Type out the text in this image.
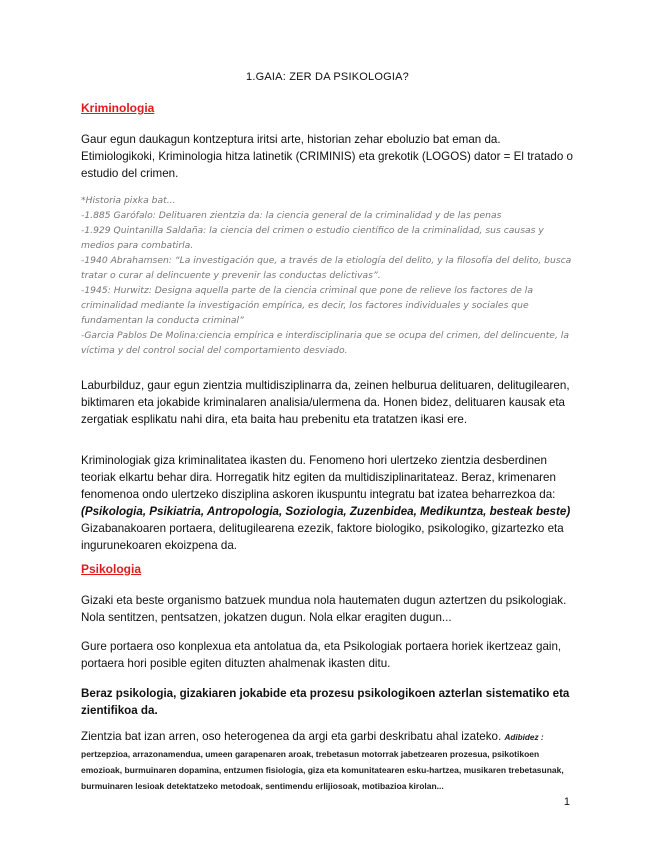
1.GAIA: ZER DA PSIKOLOGIA?
Kriminologia

Gaur egun daukagun kontzeptura iritsi arte, historian zehar eboluzio bat eman da. Etimiologikoki, Kriminologia hitza latinetik (CRIMINIS) eta grekotik (LOGOS) dator = El tratado o estudio del crimen.

*Historia pixka bat...

-1.885 Garófalo: Delituaren zientzia da: la ciencia general de la criminalidad y de las penas

-1.929 Quintanilla Saldaña: la ciencia del crimen o estudio científico de la criminalidad, sus causas y medios para combatirla.

-1940 Abrahamsen: “La investigación que, a través de la etiología del delito, y la filosofía del delito, busca tratar o curar al delincuente y prevenir las conductas delictivas”.

-1945: Hurwitz: Designa aquella parte de la ciencia criminal que pone de relieve los factores de la criminalidad mediante la investigación empírica, es decir, los factores individuales y sociales que fundamentan la conducta criminal”

-Garcia Pablos De Molina:ciencia empírica e interdisciplinaria que se ocupa del crimen, del delincuente, la víctima y del control social del comportamiento desviado.

Laburbilduz, gaur egun zientzia multidisziplinarra da, zeinen helburua delituaren, delitugilearen, biktimaren eta jokabide kriminalaren analisia/ulermena da. Honen bidez, delituaren kausak eta zergatiak esplikatu nahi dira, eta baita hau prebenitu eta tratatzen ikasi ere.

Kriminologiak giza kriminalitatea ikasten du. Fenomeno hori ulertzeko zientzia desberdinen teoriak elkartu behar dira. Horregatik hitz egiten da multidisziplinaritateaz. Beraz, krimenaren fenomenoa ondo ulertzeko disziplina askoren ikuspuntu integratu bat izatea beharrezkoa da: (Psikologia, Psikiatria, Antropologia, Soziologia, Zuzenbidea, Medikuntza, besteak beste) Gizabanakoaren portaera, delitugilearena ezezik, faktore biologiko, psikologiko, gizartezko eta ingurunekoaren ekoizpena da.

Psikologia

Gizaki eta beste organismo batzuek mundua nola hautematen dugun aztertzen du psikologiak. Nola sentitzen, pentsatzen, jokatzen dugun. Nola elkar eragiten dugun...

Gure portaera oso konplexua eta antolatua da, eta Psikologiak portaera horiek ikertzeaz gain, portaera hori posible egiten dituzten ahalmenak ikasten ditu.

Beraz psikologia, gizakiaren jokabide eta prozesu psikologikoen azterlan sistematiko eta zientifikoa da.

Zientzia bat izan arren, oso heterogenea da argi eta garbi deskribatu ahal izateko. Adibidez : pertzepzioa, arrazonamendua, umeen garapenaren aroak, trebetasun motorrak jabetzearen prozesua, psikotikoen emozioak, burmuinaren dopamina, entzumen fisiologia, giza eta komunitatearen esku-hartzea, musikaren trebetasunak, burmuinaren lesioak detektatzeko metodoak, sentimendu erlijiosoak, motibazioa kirolan...

1
